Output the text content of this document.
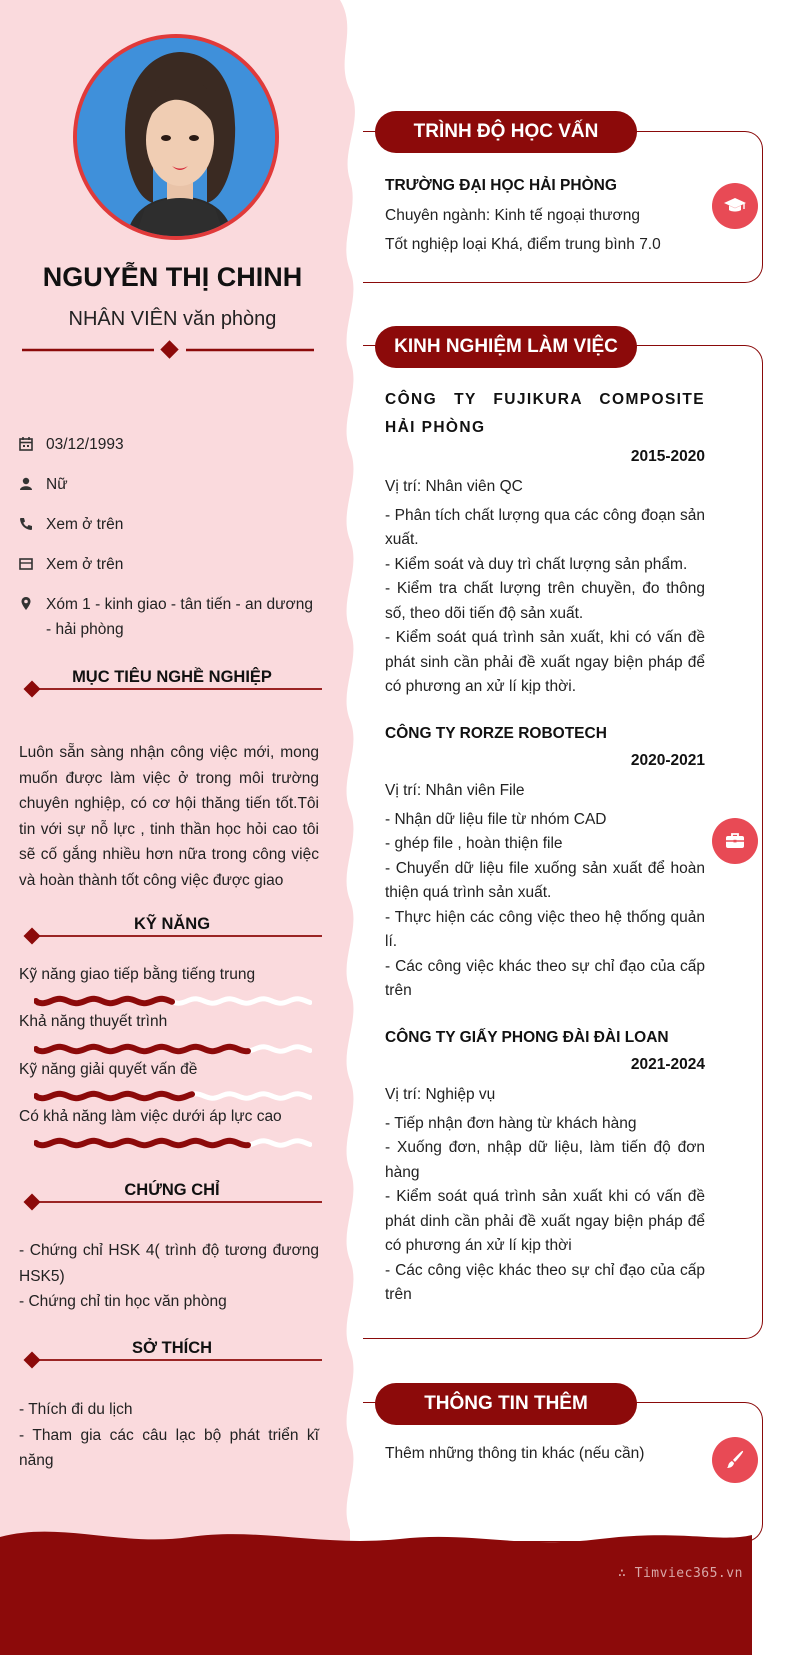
NGUYỄN THỊ CHINH
NHÂN VIÊN văn phòng
03/12/1993
Nữ
Xem ở trên
Xem ở trên
Xóm 1 - kinh giao - tân tiến - an dương - hải phòng
MỤC TIÊU NGHỀ NGHIỆP
Luôn sẵn sàng nhận công việc mới, mong muốn được làm việc ở trong môi trường chuyên nghiệp, có cơ hội thăng tiến tốt.Tôi tin với sự nỗ lực , tinh thần học hỏi cao tôi sẽ cố gắng nhiều hơn nữa trong công việc và hoàn thành tốt công việc được giao
KỸ NĂNG
Kỹ năng giao tiếp bằng tiếng trung
Khả năng thuyết trình
Kỹ năng giải quyết vấn đề
Có khả năng làm việc dưới áp lực cao
CHỨNG CHỈ
- Chứng chỉ HSK 4( trình độ tương đương HSK5)
- Chứng chỉ tin học văn phòng
SỞ THÍCH
- Thích đi du lịch
- Tham gia các câu lạc bộ phát triển kĩ năng
TRÌNH ĐỘ HỌC VẤN
TRƯỜNG ĐẠI HỌC HẢI PHÒNG
Chuyên ngành: Kinh tế ngoại thương
Tốt nghiệp loại Khá, điểm trung bình 7.0
KINH NGHIỆM LÀM VIỆC
CÔNG TY FUJIKURA COMPOSITE HẢI PHÒNG
2015-2020
Vị trí: Nhân viên QC
- Phân tích chất lượng qua các công đoạn sản xuất.
- Kiểm soát và duy trì chất lượng sản phẩm.
- Kiểm tra chất lượng trên chuyền, đo thông số, theo dõi tiến độ sản xuất.
- Kiểm soát quá trình sản xuất, khi có vấn đề phát sinh cần phải đề xuất ngay biện pháp để có phương an xử lí kịp thời.
CÔNG TY RORZE ROBOTECH
2020-2021
Vị trí: Nhân viên File
- Nhận dữ liệu file từ nhóm CAD
- ghép file , hoàn thiện file
- Chuyển dữ liệu file xuống sản xuất để hoàn thiện quá trình sản xuất.
- Thực hiện các công việc theo hệ thống quản lí.
- Các công việc khác theo sự chỉ đạo của cấp trên
CÔNG TY GIẤY PHONG ĐÀI ĐÀI LOAN
2021-2024
Vị trí: Nghiệp vụ
- Tiếp nhận đơn hàng từ khách hàng
- Xuống đơn, nhập dữ liệu, làm tiến độ đơn hàng
- Kiểm soát quá trình sản xuất khi có vấn đề phát dinh cần phải đề xuất ngay biện pháp để có phương án xử lí kịp thời
- Các công việc khác theo sự chỉ đạo của cấp trên
THÔNG TIN THÊM
Thêm những thông tin khác (nếu cần)
∴ Timviec365.vn
